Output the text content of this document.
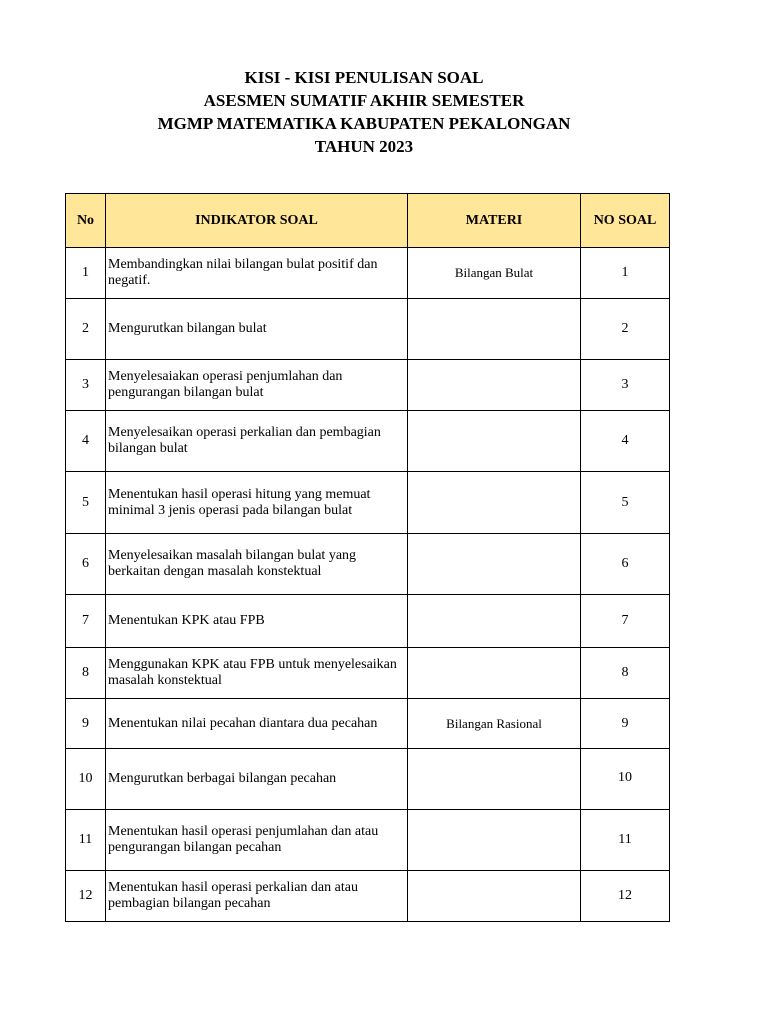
KISI - KISI PENULISAN SOAL
ASESMEN SUMATIF AKHIR SEMESTER
MGMP MATEMATIKA KABUPATEN PEKALONGAN
TAHUN 2023
No	INDIKATOR SOAL	MATERI	NO SOAL
1	Membandingkan nilai bilangan bulat positif dan negatif.	Bilangan Bulat	1
2	Mengurutkan bilangan bulat		2
3	Menyelesaiakan operasi penjumlahan dan pengurangan bilangan bulat		3
4	Menyelesaikan operasi perkalian dan pembagian bilangan bulat		4
5	Menentukan hasil operasi hitung yang memuat minimal 3 jenis operasi pada bilangan bulat		5
6	Menyelesaikan masalah bilangan bulat yang berkaitan dengan masalah konstektual		6
7	Menentukan KPK atau FPB		7
8	Menggunakan KPK atau FPB untuk menyelesaikan masalah konstektual		8
9	Menentukan nilai pecahan diantara dua pecahan	Bilangan Rasional	9
10	Mengurutkan berbagai bilangan pecahan		10
11	Menentukan hasil operasi penjumlahan dan atau pengurangan bilangan pecahan		11
12	Menentukan hasil operasi perkalian dan atau pembagian bilangan pecahan		12
